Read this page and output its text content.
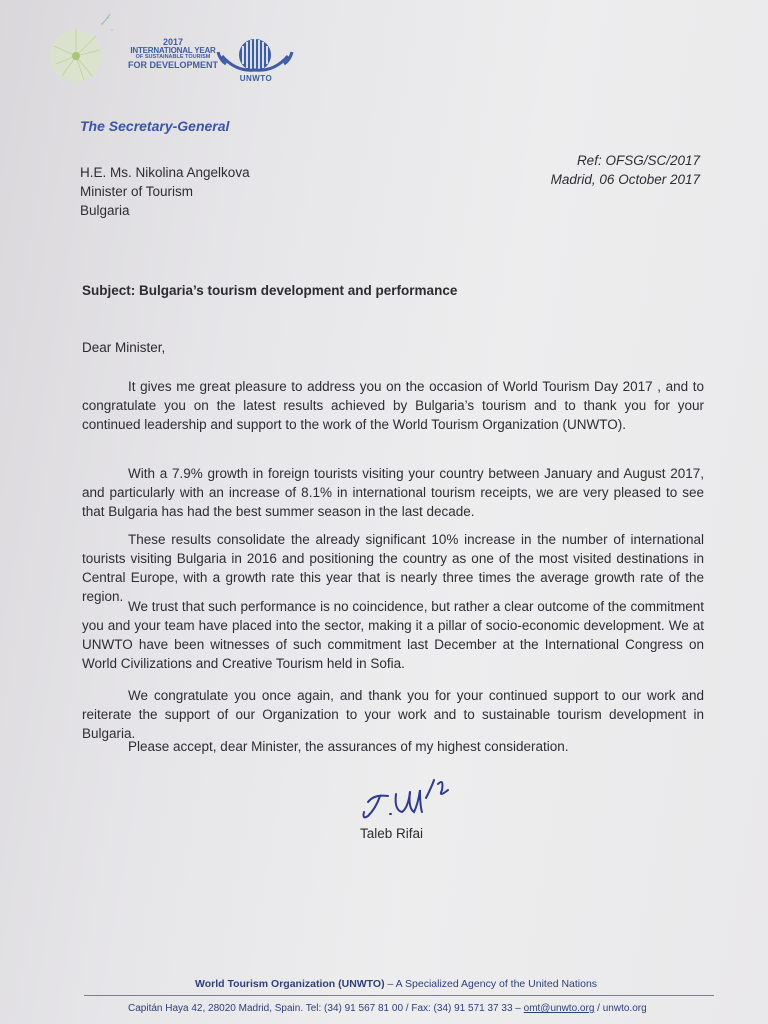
2017
INTERNATIONAL YEAR
OF SUSTAINABLE TOURISM
FOR DEVELOPMENT
UNWTO
The Secretary-General
H.E. Ms. Nikolina Angelkova
Minister of Tourism
Bulgaria
Ref: OFSG/SC/2017
Madrid, 06 October 2017
Subject: Bulgaria’s tourism development and performance
Dear Minister,

It gives me great pleasure to address you on the occasion of World Tourism Day 2017 , and to congratulate you on the latest results achieved by Bulgaria’s tourism and to thank you for your continued leadership and support to the work of the World Tourism Organization (UNWTO).

With a 7.9% growth in foreign tourists visiting your country between January and August 2017, and particularly with an increase of 8.1% in international tourism receipts, we are very pleased to see that Bulgaria has had the best summer season in the last decade.

These results consolidate the already significant 10% increase in the number of international tourists visiting Bulgaria in 2016 and positioning the country as one of the most visited destinations in Central Europe, with a growth rate this year that is nearly three times the average growth rate of the region.

We trust that such performance is no coincidence, but rather a clear outcome of the commitment you and your team have placed into the sector, making it a pillar of socio-economic development. We at UNWTO have been witnesses of such commitment last December at the International Congress on World Civilizations and Creative Tourism held in Sofia.

We congratulate you once again, and thank you for your continued support to our work and reiterate the support of our Organization to your work and to sustainable tourism development in Bulgaria.

Please accept, dear Minister, the assurances of my highest consideration.

Taleb Rifai
World Tourism Organization (UNWTO) – A Specialized Agency of the United Nations
Capitán Haya 42, 28020 Madrid, Spain. Tel: (34) 91 567 81 00 / Fax: (34) 91 571 37 33 – omt@unwto.org / unwto.org
